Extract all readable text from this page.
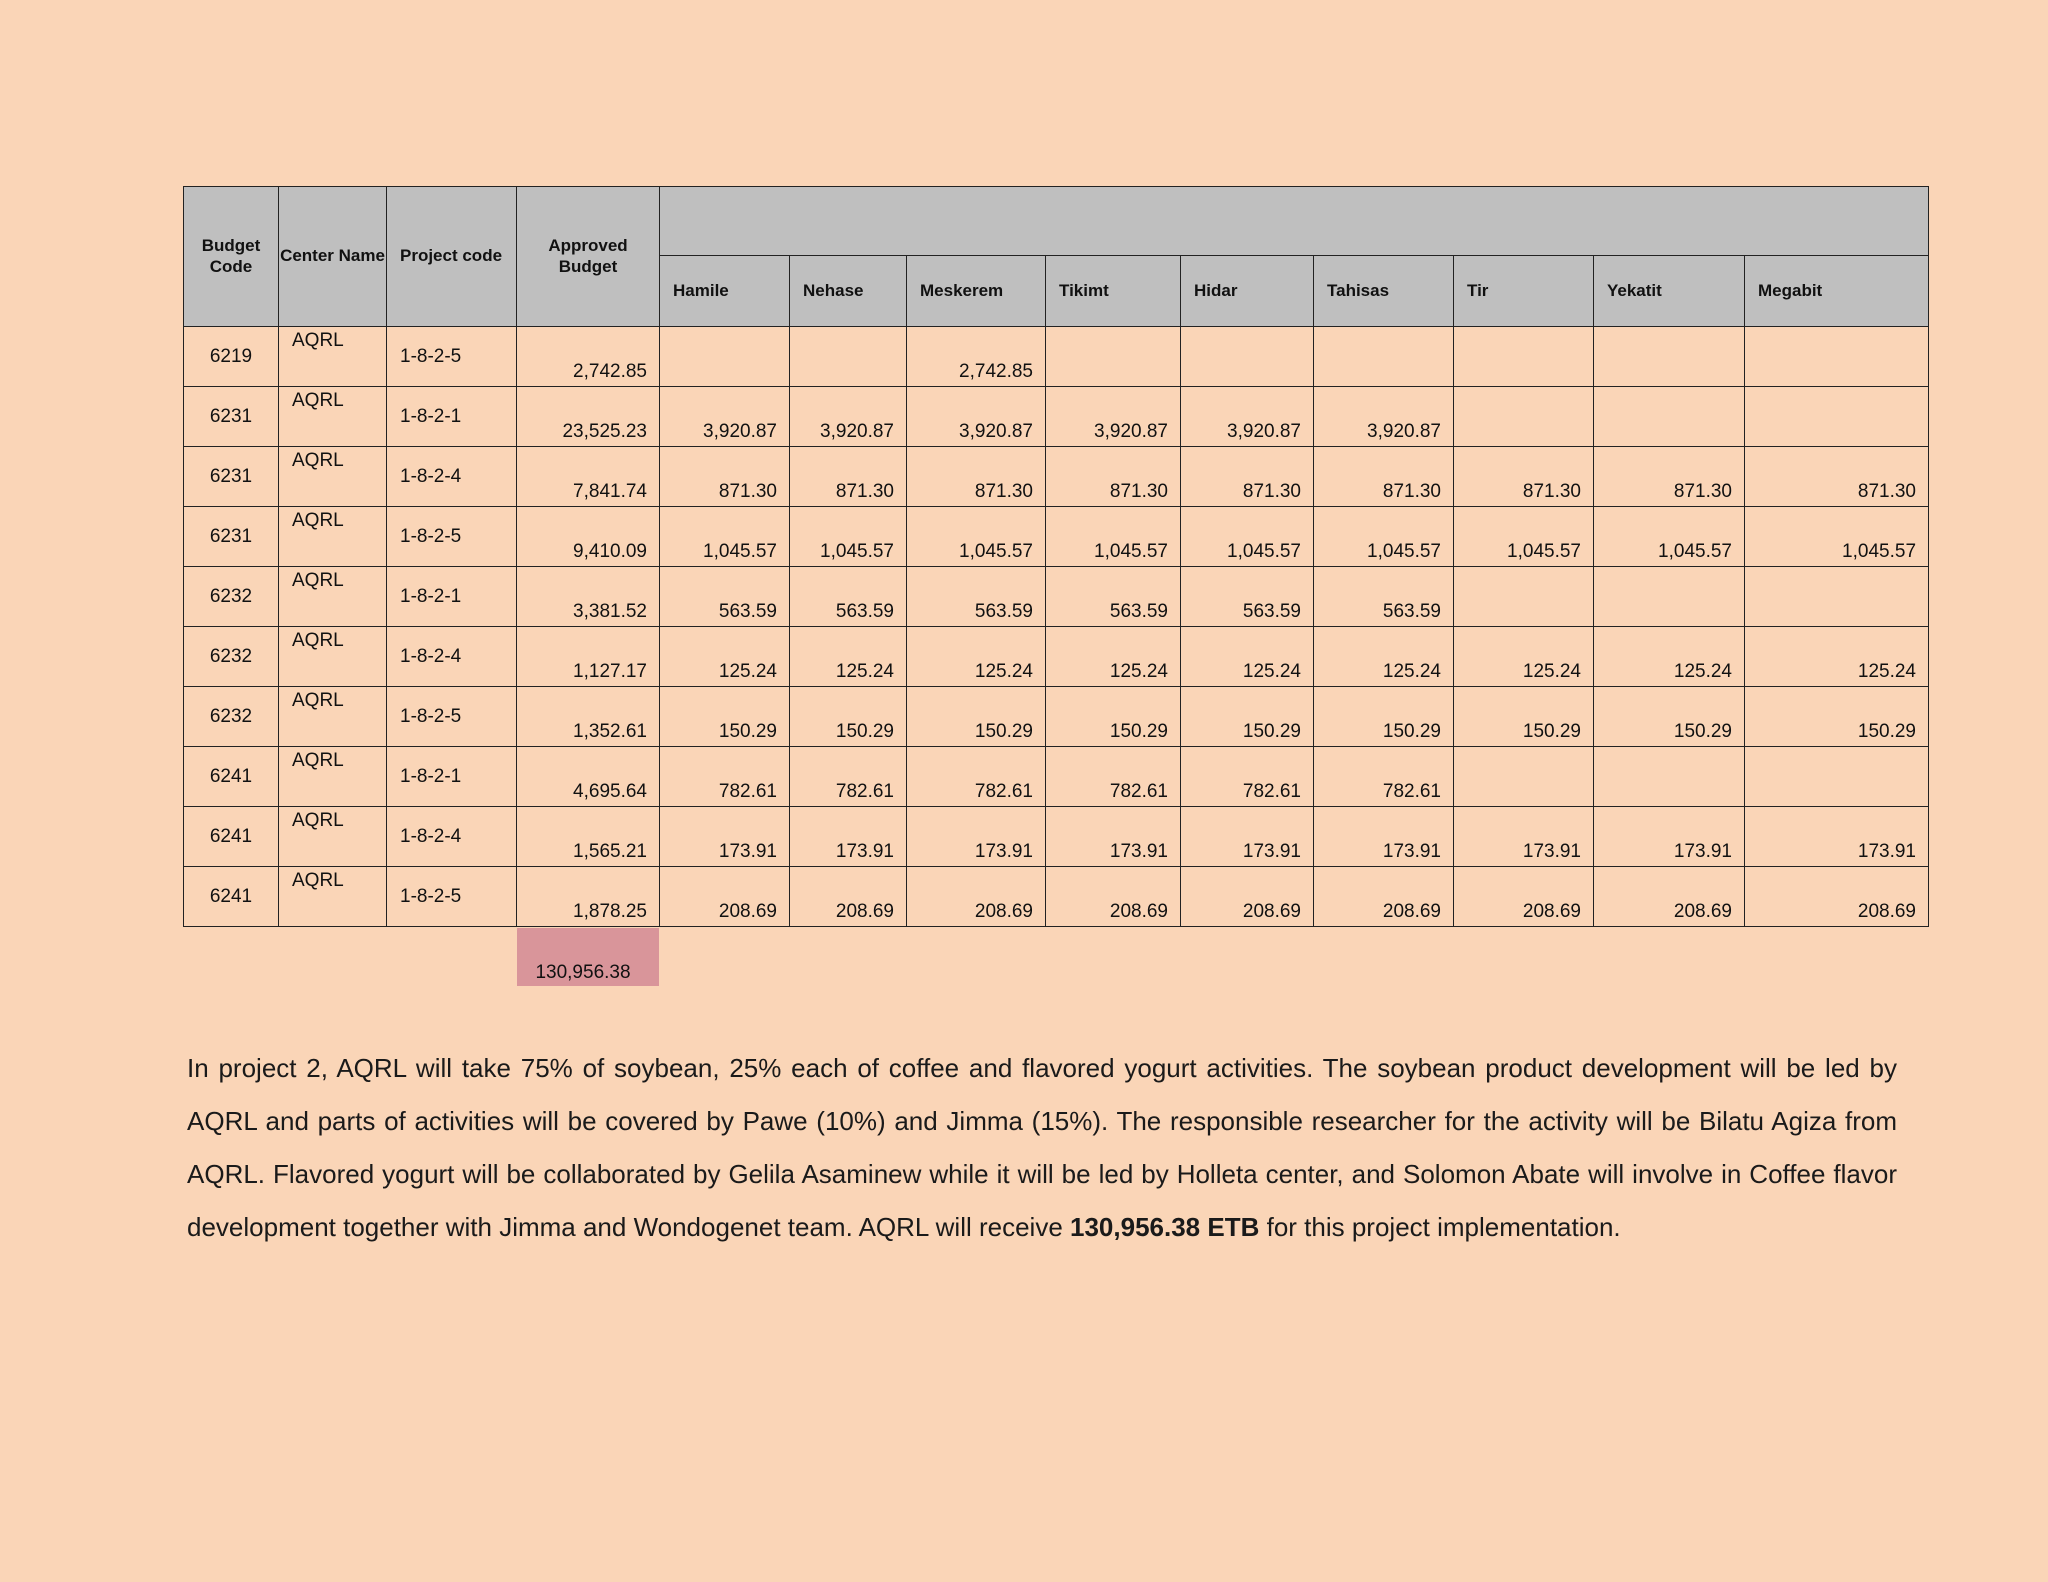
Budget Code	Center Name	Project code	Approved Budget									
				Hamile	Nehase	Meskerem	Tikimt	Hidar	Tahisas	Tir	Yekatit	Megabit
6219	AQRL	1-8-2-5	2,742.85			2,742.85						
6231	AQRL	1-8-2-1	23,525.23	3,920.87	3,920.87	3,920.87	3,920.87	3,920.87	3,920.87			
6231	AQRL	1-8-2-4	7,841.74	871.30	871.30	871.30	871.30	871.30	871.30	871.30	871.30	871.30
6231	AQRL	1-8-2-5	9,410.09	1,045.57	1,045.57	1,045.57	1,045.57	1,045.57	1,045.57	1,045.57	1,045.57	1,045.57
6232	AQRL	1-8-2-1	3,381.52	563.59	563.59	563.59	563.59	563.59	563.59			
6232	AQRL	1-8-2-4	1,127.17	125.24	125.24	125.24	125.24	125.24	125.24	125.24	125.24	125.24
6232	AQRL	1-8-2-5	1,352.61	150.29	150.29	150.29	150.29	150.29	150.29	150.29	150.29	150.29
6241	AQRL	1-8-2-1	4,695.64	782.61	782.61	782.61	782.61	782.61	782.61			
6241	AQRL	1-8-2-4	1,565.21	173.91	173.91	173.91	173.91	173.91	173.91	173.91	173.91	173.91
6241	AQRL	1-8-2-5	1,878.25	208.69	208.69	208.69	208.69	208.69	208.69	208.69	208.69	208.69
130,956.38

In project 2, AQRL will take 75% of soybean, 25% each of coffee and flavored yogurt activities. The soybean product development will be led by AQRL and parts of activities will be covered by Pawe (10%) and Jimma (15%). The responsible researcher for the activity will be Bilatu Agiza from AQRL. Flavored yogurt will be collaborated by Gelila Asaminew while it will be led by Holleta center, and Solomon Abate will involve in Coffee flavor development together with Jimma and Wondogenet team. AQRL will receive 130,956.38 ETB for this project implementation.
